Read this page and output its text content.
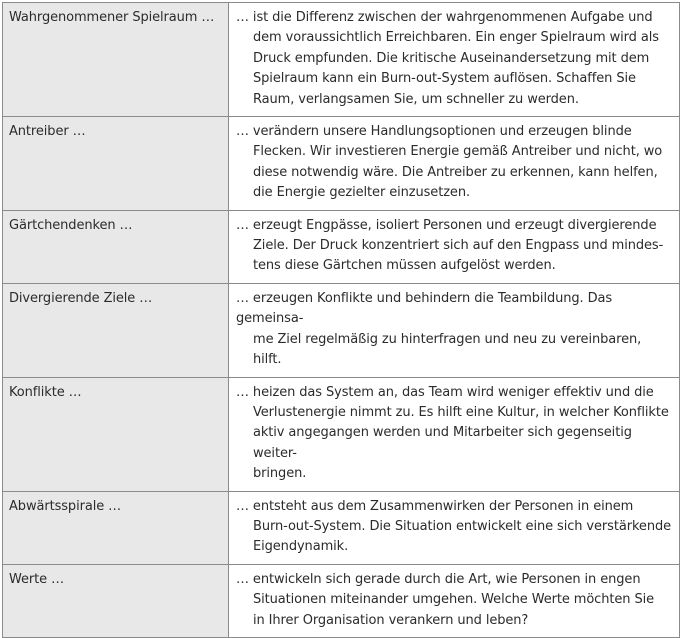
Wahrgenommener Spielraum …	… ist die Differenz zwischen der wahrgenommenen Aufgabe und
dem voraussichtlich Erreichbaren. Ein enger Spielraum wird als
Druck empfunden. Die kritische Auseinandersetzung mit dem
Spielraum kann ein Burn-out-System auflösen. Schaffen Sie
Raum, verlangsamen Sie, um schneller zu werden.

Antreiber …	… verändern unsere Handlungsoptionen und erzeugen blinde
Flecken. Wir investieren Energie gemäß Antreiber und nicht, wo
diese notwendig wäre. Die Antreiber zu erkennen, kann helfen,
die Energie gezielter einzusetzen.

Gärtchendenken …	… erzeugt Engpässe, isoliert Personen und erzeugt divergierende
Ziele. Der Druck konzentriert sich auf den Engpass und mindes-
tens diese Gärtchen müssen aufgelöst werden.

Divergierende Ziele …	… erzeugen Konflikte und behindern die Teambildung. Das gemeinsa-
me Ziel regelmäßig zu hinterfragen und neu zu vereinbaren, hilft.

Konflikte …	… heizen das System an, das Team wird weniger effektiv und die
Verlustenergie nimmt zu. Es hilft eine Kultur, in welcher Konflikte
aktiv angegangen werden und Mitarbeiter sich gegenseitig weiter-
bringen.

Abwärtsspirale …	… entsteht aus dem Zusammenwirken der Personen in einem
Burn-out-System. Die Situation entwickelt eine sich verstärkende
Eigendynamik.

Werte …	… entwickeln sich gerade durch die Art, wie Personen in engen
Situationen miteinander umgehen. Welche Werte möchten Sie
in Ihrer Organisation verankern und leben?
